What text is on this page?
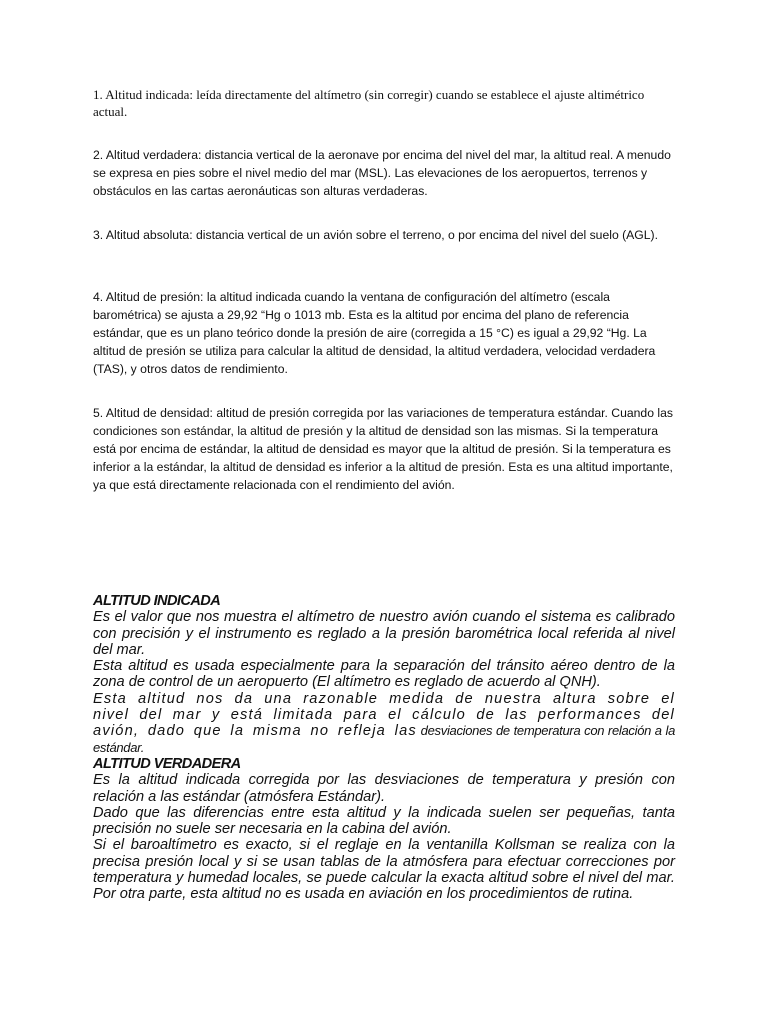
1. Altitud indicada: leída directamente del altímetro (sin corregir) cuando se establece el ajuste altimétrico actual.

2. Altitud verdadera: distancia vertical de la aeronave por encima del nivel del mar, la altitud real. A menudo se expresa en pies sobre el nivel medio del mar (MSL). Las elevaciones de los aeropuertos, terrenos y obstáculos en las cartas aeronáuticas son alturas verdaderas.

3. Altitud absoluta: distancia vertical de un avión sobre el terreno, o por encima del nivel del suelo (AGL).

4. Altitud de presión: la altitud indicada cuando la ventana de configuración del altímetro (escala barométrica) se ajusta a 29,92 “Hg o 1013 mb. Esta es la altitud por encima del plano de referencia estándar, que es un plano teórico donde la presión de aire (corregida a 15 °C) es igual a 29,92 “Hg. La altitud de presión se utiliza para calcular la altitud de densidad, la altitud verdadera, velocidad verdadera (TAS), y otros datos de rendimiento.

5. Altitud de densidad: altitud de presión corregida por las variaciones de temperatura estándar. Cuando las condiciones son estándar, la altitud de presión y la altitud de densidad son las mismas. Si la temperatura está por encima de estándar, la altitud de densidad es mayor que la altitud de presión. Si la temperatura es inferior a la estándar, la altitud de densidad es inferior a la altitud de presión. Esta es una altitud importante, ya que está directamente relacionada con el rendimiento del avión.

ALTITUD INDICADA

Es el valor que nos muestra el altímetro de nuestro avión cuando el sistema es calibrado con precisión y el instrumento es reglado a la presión barométrica local referida al nivel del mar.

Esta altitud es usada especialmente para la separación del tránsito aéreo dentro de la zona de control de un aeropuerto (El altímetro es reglado de acuerdo al QNH).

Esta altitud nos da una razonable medida de nuestra altura sobre el nivel del mar y está limitada para el cálculo de las performances del avión, dado que la misma no refleja las desviaciones de temperatura con relación a la estándar.

ALTITUD VERDADERA

Es la altitud indicada corregida por las desviaciones de temperatura y presión con relación a las estándar (atmósfera Estándar).

Dado que las diferencias entre esta altitud y la indicada suelen ser pequeñas, tanta precisión no suele ser necesaria en la cabina del avión.

Si el baroaltímetro es exacto, si el reglaje en la ventanilla Kollsman se realiza con la precisa presión local y si se usan tablas de la atmósfera para efectuar correcciones por temperatura y humedad locales, se puede calcular la exacta altitud sobre el nivel del mar. Por otra parte, esta altitud no es usada en aviación en los procedimientos de rutina.
